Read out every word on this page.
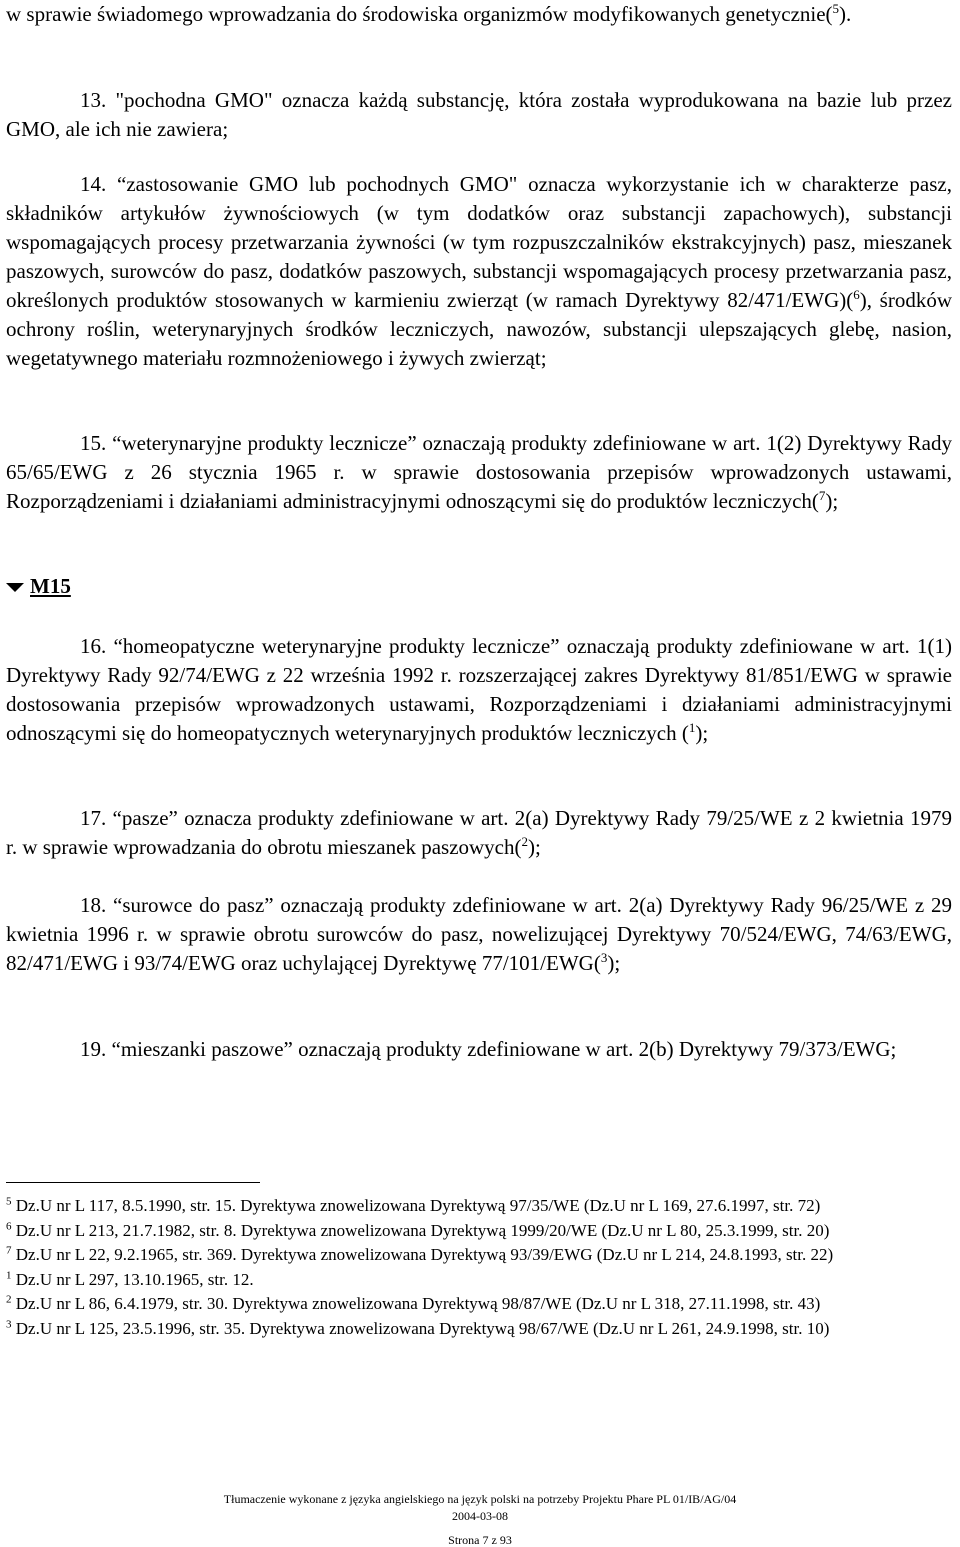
w sprawie świadomego wprowadzania do środowiska organizmów modyfikowanych genetycznie($^5$).

13. "pochodna GMO" oznacza każdą substancję, która została wyprodukowana na bazie lub przez GMO, ale ich nie zawiera;

14. “zastosowanie GMO lub pochodnych GMO" oznacza wykorzystanie ich w charakterze pasz, składników artykułów żywnościowych (w tym dodatków oraz substancji zapachowych), substancji wspomagających procesy przetwarzania żywności (w tym rozpuszczalników ekstrakcyjnych) pasz, mieszanek paszowych, surowców do pasz, dodatków paszowych, substancji wspomagających procesy przetwarzania pasz, określonych produktów stosowanych w karmieniu zwierząt (w ramach Dyrektywy 82/471/EWG)($^6$), środków ochrony roślin, weterynaryjnych środków leczniczych, nawozów, substancji ulepszających glebę, nasion, wegetatywnego materiału rozmnożeniowego i żywych zwierząt;

15. “weterynaryjne produkty lecznicze” oznaczają produkty zdefiniowane w art. 1(2) Dyrektywy Rady 65/65/EWG z 26 stycznia 1965 r. w sprawie dostosowania przepisów wprowadzonych ustawami, Rozporządzeniami i działaniami administracyjnymi odnoszącymi się do produktów leczniczych($^7$);

M15

16. “homeopatyczne weterynaryjne produkty lecznicze” oznaczają produkty zdefiniowane w art. 1(1) Dyrektywy Rady 92/74/EWG z 22 września 1992 r. rozszerzającej zakres Dyrektywy 81/851/EWG w sprawie dostosowania przepisów wprowadzonych ustawami, Rozporządzeniami i działaniami administracyjnymi odnoszącymi się do homeopatycznych weterynaryjnych produktów leczniczych ($^1$);

17. “pasze” oznacza produkty zdefiniowane w art. 2(a) Dyrektywy Rady 79/25/WE z 2 kwietnia 1979 r. w sprawie wprowadzania do obrotu mieszanek paszowych($^2$);

18. “surowce do pasz” oznaczają produkty zdefiniowane w art. 2(a) Dyrektywy Rady 96/25/WE z 29 kwietnia 1996 r. w sprawie obrotu surowców do pasz, nowelizującej Dyrektywy 70/524/EWG, 74/63/EWG, 82/471/EWG i 93/74/EWG oraz uchylającej Dyrektywę 77/101/EWG($^3$);

19. “mieszanki paszowe” oznaczają produkty zdefiniowane w art. 2(b) Dyrektywy 79/373/EWG;

$^5$ Dz.U nr L 117, 8.5.1990, str. 15. Dyrektywa znowelizowana Dyrektywą 97/35/WE (Dz.U nr L 169, 27.6.1997, str. 72)

$^6$ Dz.U nr L 213, 21.7.1982, str. 8. Dyrektywa znowelizowana Dyrektywą 1999/20/WE (Dz.U nr L 80, 25.3.1999, str. 20)

$^7$ Dz.U nr L 22, 9.2.1965, str. 369. Dyrektywa znowelizowana Dyrektywą 93/39/EWG (Dz.U nr L 214, 24.8.1993, str. 22)

$^1$ Dz.U nr L 297, 13.10.1965, str. 12.

$^2$ Dz.U nr L 86, 6.4.1979, str. 30. Dyrektywa znowelizowana Dyrektywą 98/87/WE (Dz.U nr L 318, 27.11.1998, str. 43)

$^3$ Dz.U nr L 125, 23.5.1996, str. 35. Dyrektywa znowelizowana Dyrektywą 98/67/WE (Dz.U nr L 261, 24.9.1998, str. 10)

Tłumaczenie wykonane z języka angielskiego na język polski na potrzeby Projektu Phare PL 01/IB/AG/04
2004-03-08
Strona 7 z 93
